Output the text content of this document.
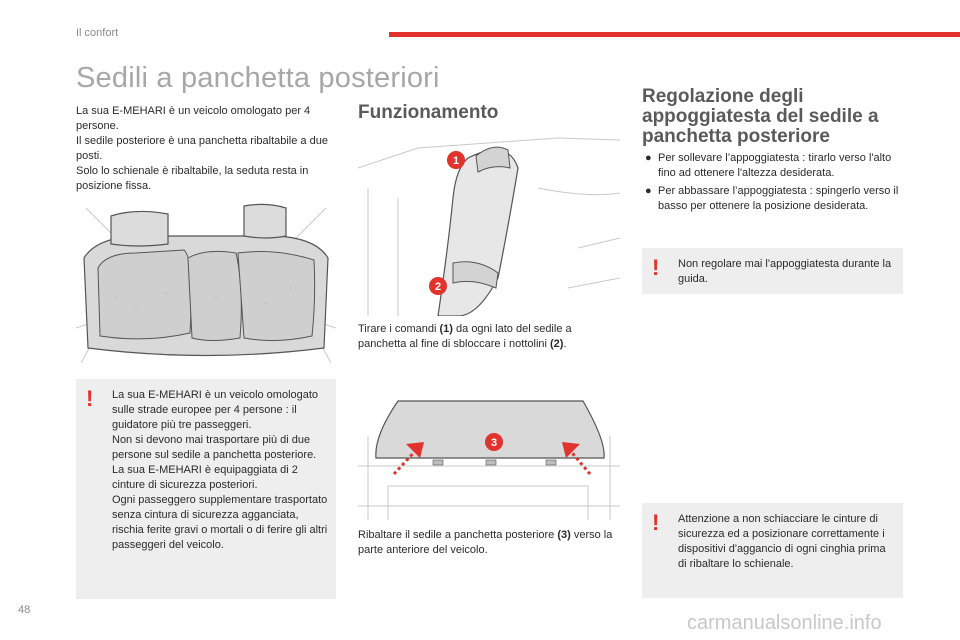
Il confort
Sedili a panchetta posteriori

La sua E-MEHARI è un veicolo omologato per 4 persone.

Il sedile posteriore è una panchetta ribaltabile a due posti.

Solo lo schienale è ribaltabile, la seduta resta in posizione fissa.

! La sua E-MEHARI è un veicolo omologato sulle strade europee per 4 persone : il guidatore più tre passeggeri.
Non si devono mai trasportare più di due persone sul sedile a panchetta posteriore.
La sua E-MEHARI è equipaggiata di 2 cinture di sicurezza posteriori.
Ogni passeggero supplementare trasportato senza cintura di sicurezza agganciata, rischia ferite gravi o mortali o di ferire gli altri passeggeri del veicolo.
Funzionamento
1
2
Tirare i comandi (1) da ogni lato del sedile a panchetta al fine di sbloccare i nottolini (2).
3
Ribaltare il sedile a panchetta posteriore (3) verso la parte anteriore del veicolo.
Regolazione degli
appoggiatesta del sedile a
panchetta posteriore
● Per sollevare l’appoggiatesta : tirarlo verso l'alto fino ad ottenere l'altezza desiderata.
● Per abbassare l’appoggiatesta : spingerlo verso il basso per ottenere la posizione desiderata.
! Non regolare mai l'appoggiatesta durante la guida.
! Attenzione a non schiacciare le cinture di sicurezza ed a posizionare correttamente i dispositivi d'aggancio di ogni cinghia prima di ribaltare lo schienale.
48
carmanualsonline.info
